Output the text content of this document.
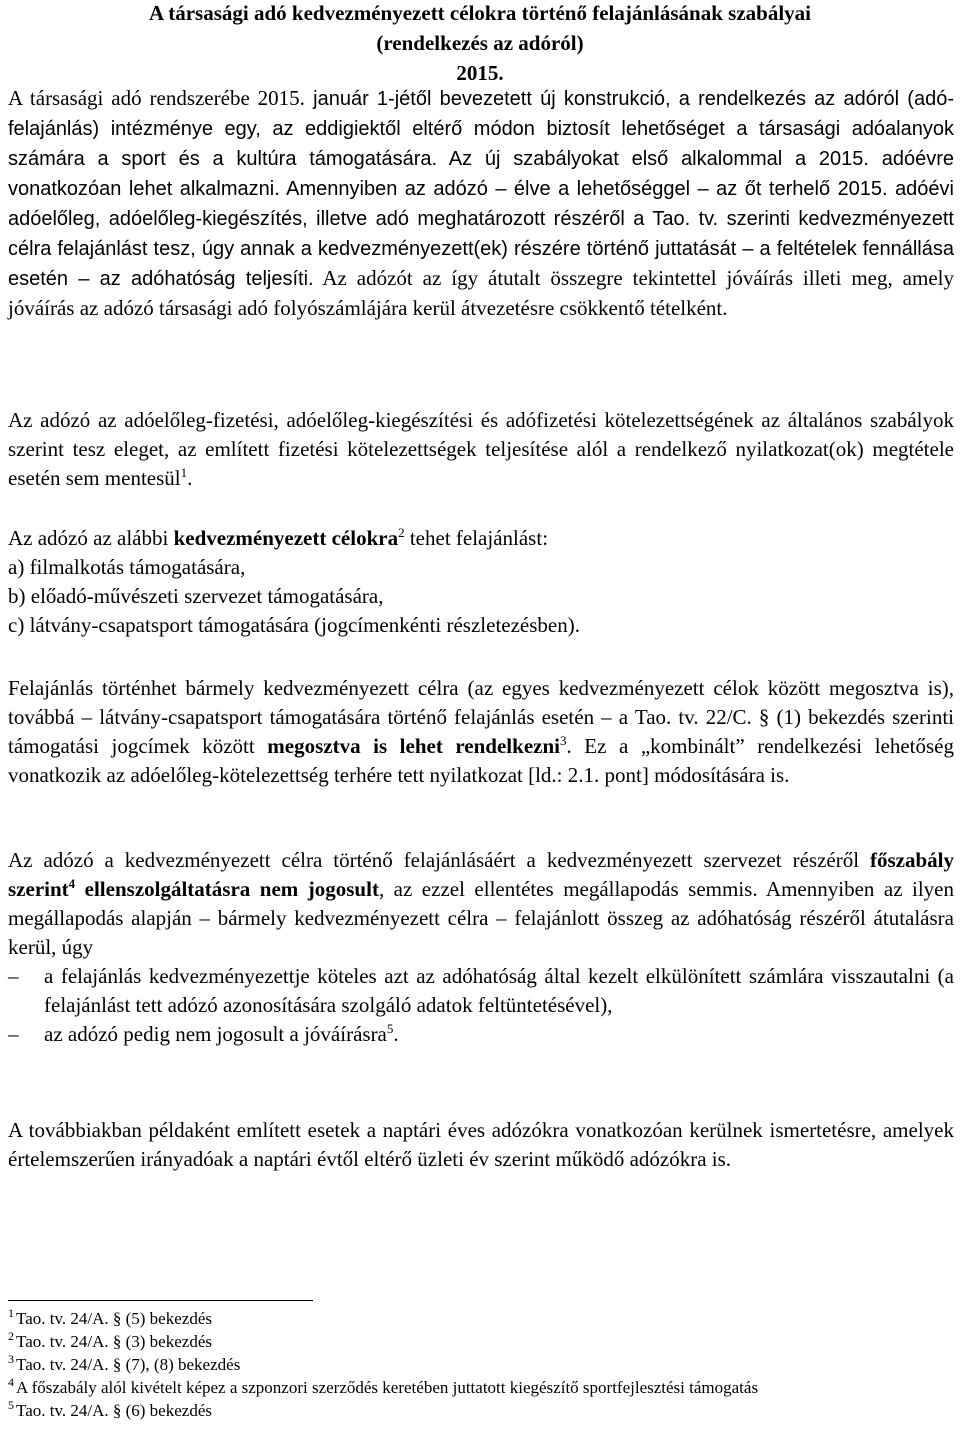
A társasági adó kedvezményezett célokra történő felajánlásának szabályai
(rendelkezés az adóról)
2015.

A társasági adó rendszerébe 2015. január 1-jétől bevezetett új konstrukció, a rendelkezés az adóról (adó-felajánlás) intézménye egy, az eddigiektől eltérő módon biztosít lehetőséget a társasági adóalanyok számára a sport és a kultúra támogatására. Az új szabályokat első alkalommal a 2015. adóévre vonatkozóan lehet alkalmazni. Amennyiben az adózó – élve a lehetőséggel – az őt terhelő 2015. adóévi adóelőleg, adóelőleg-kiegészítés, illetve adó meghatározott részéről a Tao. tv. szerinti kedvezményezett célra felajánlást tesz, úgy annak a kedvezményezett(ek) részére történő juttatását – a feltételek fennállása esetén – az adóhatóság teljesíti. Az adózót az így átutalt összegre tekintettel jóváírás illeti meg, amely jóváírás az adózó társasági adó folyószámlájára kerül átvezetésre csökkentő tételként.

Az adózó az adóelőleg-fizetési, adóelőleg-kiegészítési és adófizetési kötelezettségének az általános szabályok szerint tesz eleget, az említett fizetési kötelezettségek teljesítése alól a rendelkező nyilatkozat(ok) megtétele esetén sem mentesül$^1$.

Az adózó az alábbi kedvezményezett célokra$^2$ tehet felajánlást:

a) filmalkotás támogatására,

b) előadó-művészeti szervezet támogatására,

c) látvány-csapatsport támogatására (jogcímenkénti részletezésben).

Felajánlás történhet bármely kedvezményezett célra (az egyes kedvezményezett célok között megosztva is), továbbá – látvány-csapatsport támogatására történő felajánlás esetén – a Tao. tv. 22/C. § (1) bekezdés szerinti támogatási jogcímek között megosztva is lehet rendelkezni$^3$. Ez a „kombinált” rendelkezési lehetőség vonatkozik az adóelőleg-kötelezettség terhére tett nyilatkozat [ld.: 2.1. pont] módosítására is.

Az adózó a kedvezményezett célra történő felajánlásáért a kedvezményezett szervezet részéről főszabály szerint$^4$ ellenszolgáltatásra nem jogosult, az ezzel ellentétes megállapodás semmis. Amennyiben az ilyen megállapodás alapján – bármely kedvezményezett célra – felajánlott összeg az adóhatóság részéről átutalásra kerül, úgy

–	a felajánlás kedvezményezettje köteles azt az adóhatóság által kezelt elkülönített számlára visszautalni (a felajánlást tett adózó azonosítására szolgáló adatok feltüntetésével),
–	az adózó pedig nem jogosult a jóváírásra$^5$.

A továbbiakban példaként említett esetek a naptári éves adózókra vonatkozóan kerülnek ismertetésre, amelyek értelemszerűen irányadóak a naptári évtől eltérő üzleti év szerint működő adózókra is.

$^1$ Tao. tv. 24/A. § (5) bekezdés

$^2$ Tao. tv. 24/A. § (3) bekezdés

$^3$ Tao. tv. 24/A. § (7), (8) bekezdés

$^4$ A főszabály alól kivételt képez a szponzori szerződés keretében juttatott kiegészítő sportfejlesztési támogatás

$^5$ Tao. tv. 24/A. § (6) bekezdés
